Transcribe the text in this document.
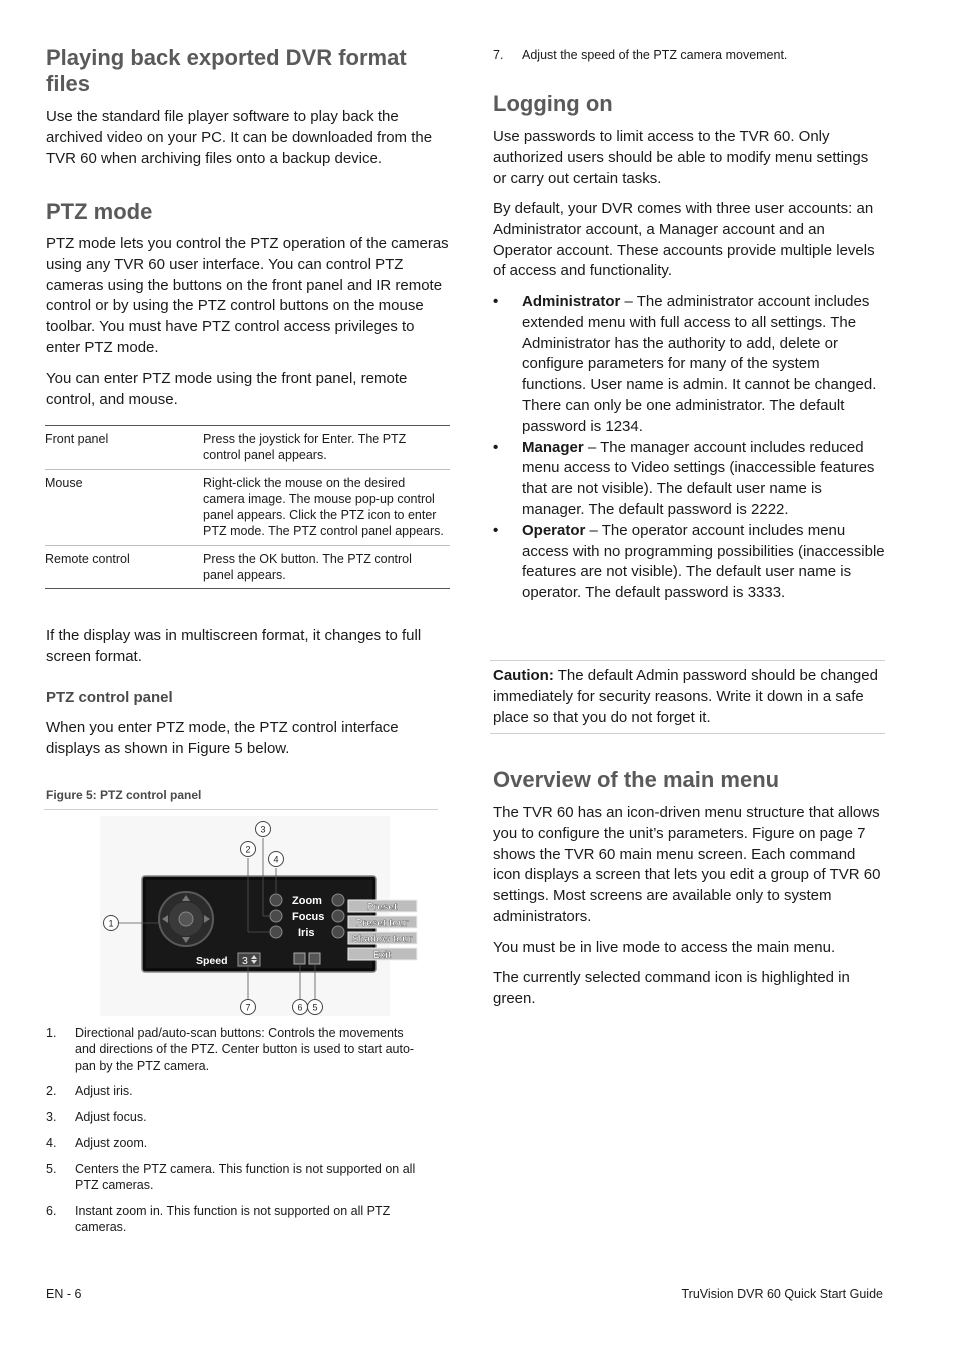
Playing back exported DVR format files

Use the standard file player software to play back the archived video on your PC. It can be downloaded from the TVR 60 when archiving files onto a backup device.

PTZ mode

PTZ mode lets you control the PTZ operation of the cameras using any TVR 60 user interface. You can control PTZ cameras using the buttons on the front panel and IR remote control or by using the PTZ control buttons on the mouse toolbar. You must have PTZ control access privileges to enter PTZ mode.

You can enter PTZ mode using the front panel, remote control, and mouse.

Front panel	Press the joystick for Enter. The PTZ control panel appears.
Mouse	Right-click the mouse on the desired camera image. The mouse pop-up control panel appears. Click the PTZ icon to enter PTZ mode. The PTZ control panel appears.
Remote control	Press the OK button. The PTZ control panel appears.

If the display was in multiscreen format, it changes to full screen format.

PTZ control panel

When you enter PTZ mode, the PTZ control interface displays as shown in Figure 5 below.

Figure 5: PTZ control panel
Zoom
Focus
Iris
Preset
Preset tour
Shadow tour
Exit
Speed 3
1
2
3
4
5
6
7
1. Directional pad/auto-scan buttons: Controls the movements and directions of the PTZ. Center button is used to start auto-pan by the PTZ camera.
2. Adjust iris.
3. Adjust focus.
4. Adjust zoom.
5. Centers the PTZ camera. This function is not supported on all PTZ cameras.
6. Instant zoom in. This function is not supported on all PTZ cameras.
7. Adjust the speed of the PTZ camera movement.
Logging on

Use passwords to limit access to the TVR 60. Only authorized users should be able to modify menu settings or carry out certain tasks.

By default, your DVR comes with three user accounts: an Administrator account, a Manager account and an Operator account. These accounts provide multiple levels of access and functionality.

• Administrator – The administrator account includes extended menu with full access to all settings. The Administrator has the authority to add, delete or configure parameters for many of the system functions. User name is admin. It cannot be changed. There can only be one administrator. The default password is 1234.
• Manager – The manager account includes reduced menu access to Video settings (inaccessible features that are not visible). The default user name is manager. The default password is 2222.
• Operator – The operator account includes menu access with no programming possibilities (inaccessible features are not visible). The default user name is operator. The default password is 3333.

Caution: The default Admin password should be changed immediately for security reasons. Write it down in a safe place so that you do not forget it.

Overview of the main menu

The TVR 60 has an icon-driven menu structure that allows you to configure the unit’s parameters. Figure on page 7 shows the TVR 60 main menu screen. Each command icon displays a screen that lets you edit a group of TVR 60 settings. Most screens are available only to system administrators.

You must be in live mode to access the main menu.

The currently selected command icon is highlighted in green.

EN - 6	TruVision DVR 60 Quick Start Guide
